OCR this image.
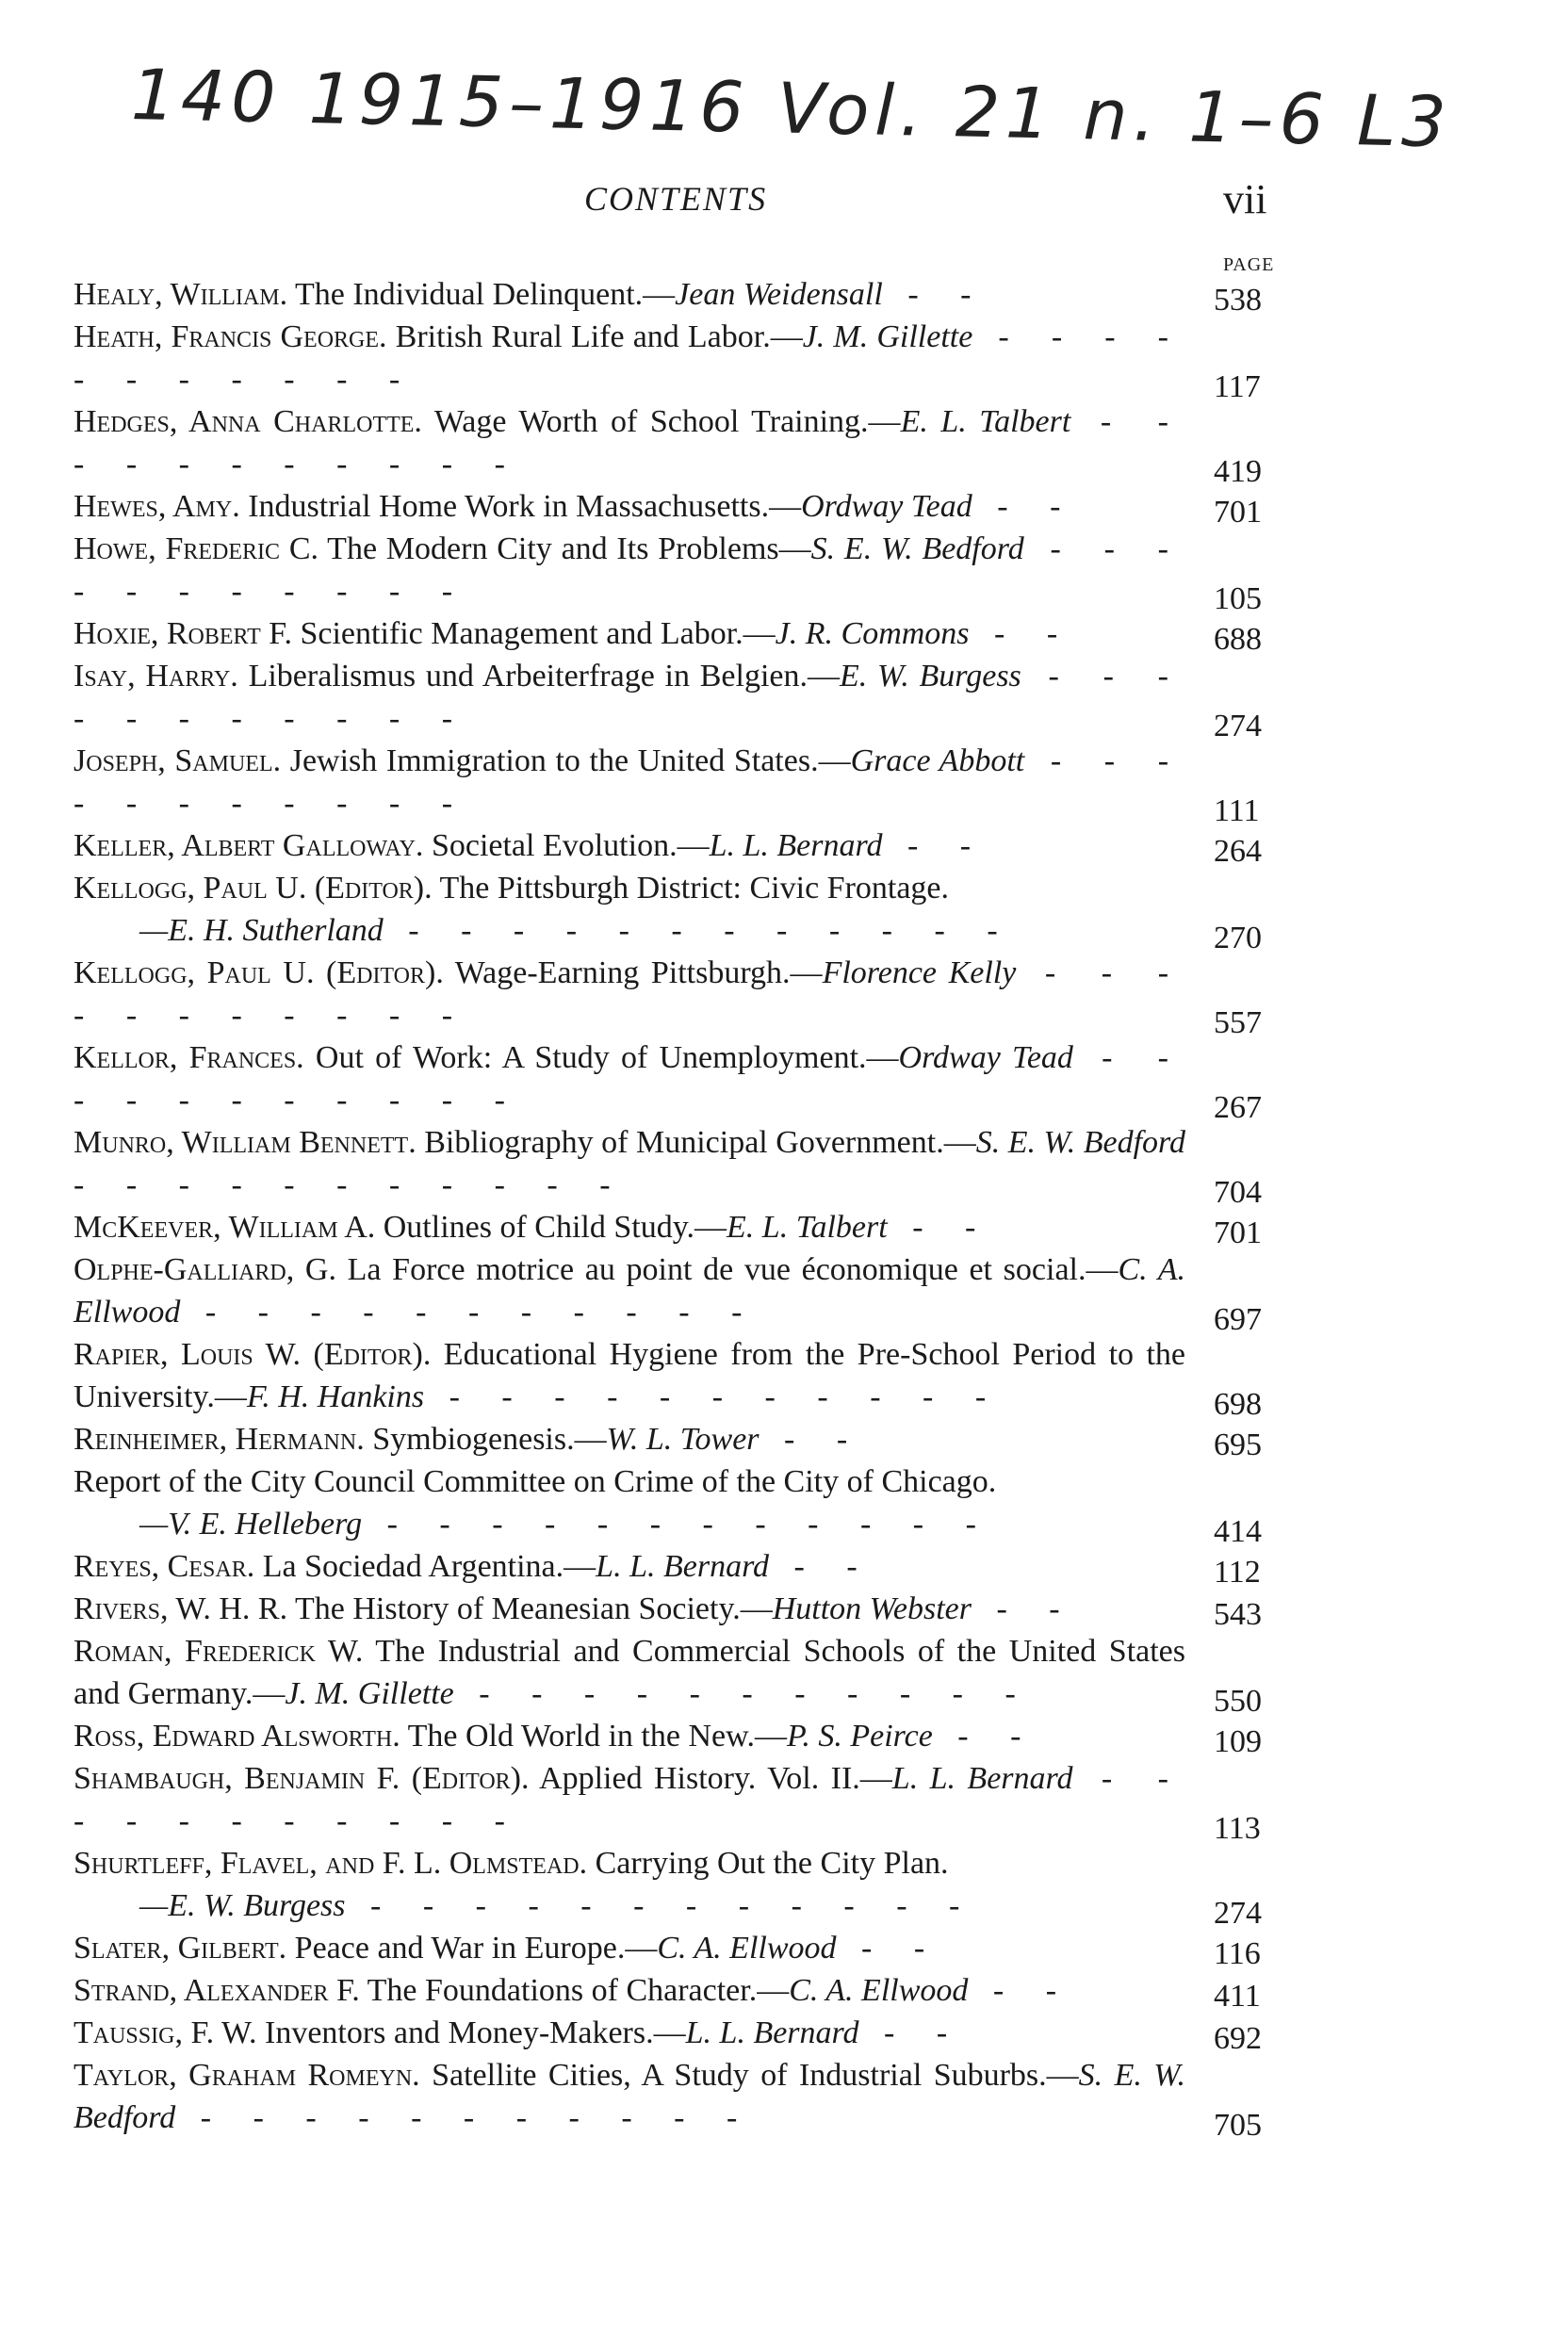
140 1915–1916 Vol. 21 n. 1–6 L3
CONTENTS	vii
PAGE
Healy, William. The Individual Delinquent.—Jean Weidensall - -	538
Heath, Francis George. British Rural Life and Labor.—J. M. Gillette - - - - - - - - - - -	117
Hedges, Anna Charlotte. Wage Worth of School Training.—E. L. Talbert - - - - - - - - - - -	419
Hewes, Amy. Industrial Home Work in Massachusetts.—Ordway Tead - -	701
Howe, Frederic C. The Modern City and Its Problems—S. E. W. Bedford - - - - - - - - - - -	105
Hoxie, Robert F. Scientific Management and Labor.—J. R. Commons - -	688
Isay, Harry. Liberalismus und Arbeiterfrage in Belgien.—E. W. Burgess - - - - - - - - - - -	274
Joseph, Samuel. Jewish Immigration to the United States.—Grace Abbott - - - - - - - - - - -	111
Keller, Albert Galloway. Societal Evolution.—L. L. Bernard - -	264
Kellogg, Paul U. (Editor). The Pittsburgh District: Civic Frontage.
—E. H. Sutherland - - - - - - - - - - - -	270
Kellogg, Paul U. (Editor). Wage-Earning Pittsburgh.—Florence Kelly - - - - - - - - - - -	557
Kellor, Frances. Out of Work: A Study of Unemployment.—Ordway Tead - - - - - - - - - - -	267
Munro, William Bennett. Bibliography of Municipal Government.—S. E. W. Bedford - - - - - - - - - - -	704
McKeever, William A. Outlines of Child Study.—E. L. Talbert - -	701
Olphe-Galliard, G. La Force motrice au point de vue économique et social.—C. A. Ellwood - - - - - - - - - - -	697
Rapier, Louis W. (Editor). Educational Hygiene from the Pre-School Period to the University.—F. H. Hankins - - - - - - - - - - -	698
Reinheimer, Hermann. Symbiogenesis.—W. L. Tower - -	695
Report of the City Council Committee on Crime of the City of Chicago.
—V. E. Helleberg - - - - - - - - - - - -	414
Reyes, Cesar. La Sociedad Argentina.—L. L. Bernard - -	112
Rivers, W. H. R. The History of Meanesian Society.—Hutton Webster - -	543
Roman, Frederick W. The Industrial and Commercial Schools of the United States and Germany.—J. M. Gillette - - - - - - - - - - -	550
Ross, Edward Alsworth. The Old World in the New.—P. S. Peirce - -	109
Shambaugh, Benjamin F. (Editor). Applied History. Vol. II.—L. L. Bernard - - - - - - - - - - -	113
Shurtleff, Flavel, and F. L. Olmstead. Carrying Out the City Plan.
—E. W. Burgess - - - - - - - - - - - -	274
Slater, Gilbert. Peace and War in Europe.—C. A. Ellwood - -	116
Strand, Alexander F. The Foundations of Character.—C. A. Ellwood - -	411
Taussig, F. W. Inventors and Money-Makers.—L. L. Bernard - -	692
Taylor, Graham Romeyn. Satellite Cities, A Study of Industrial Suburbs.—S. E. W. Bedford - - - - - - - - - - -	705
